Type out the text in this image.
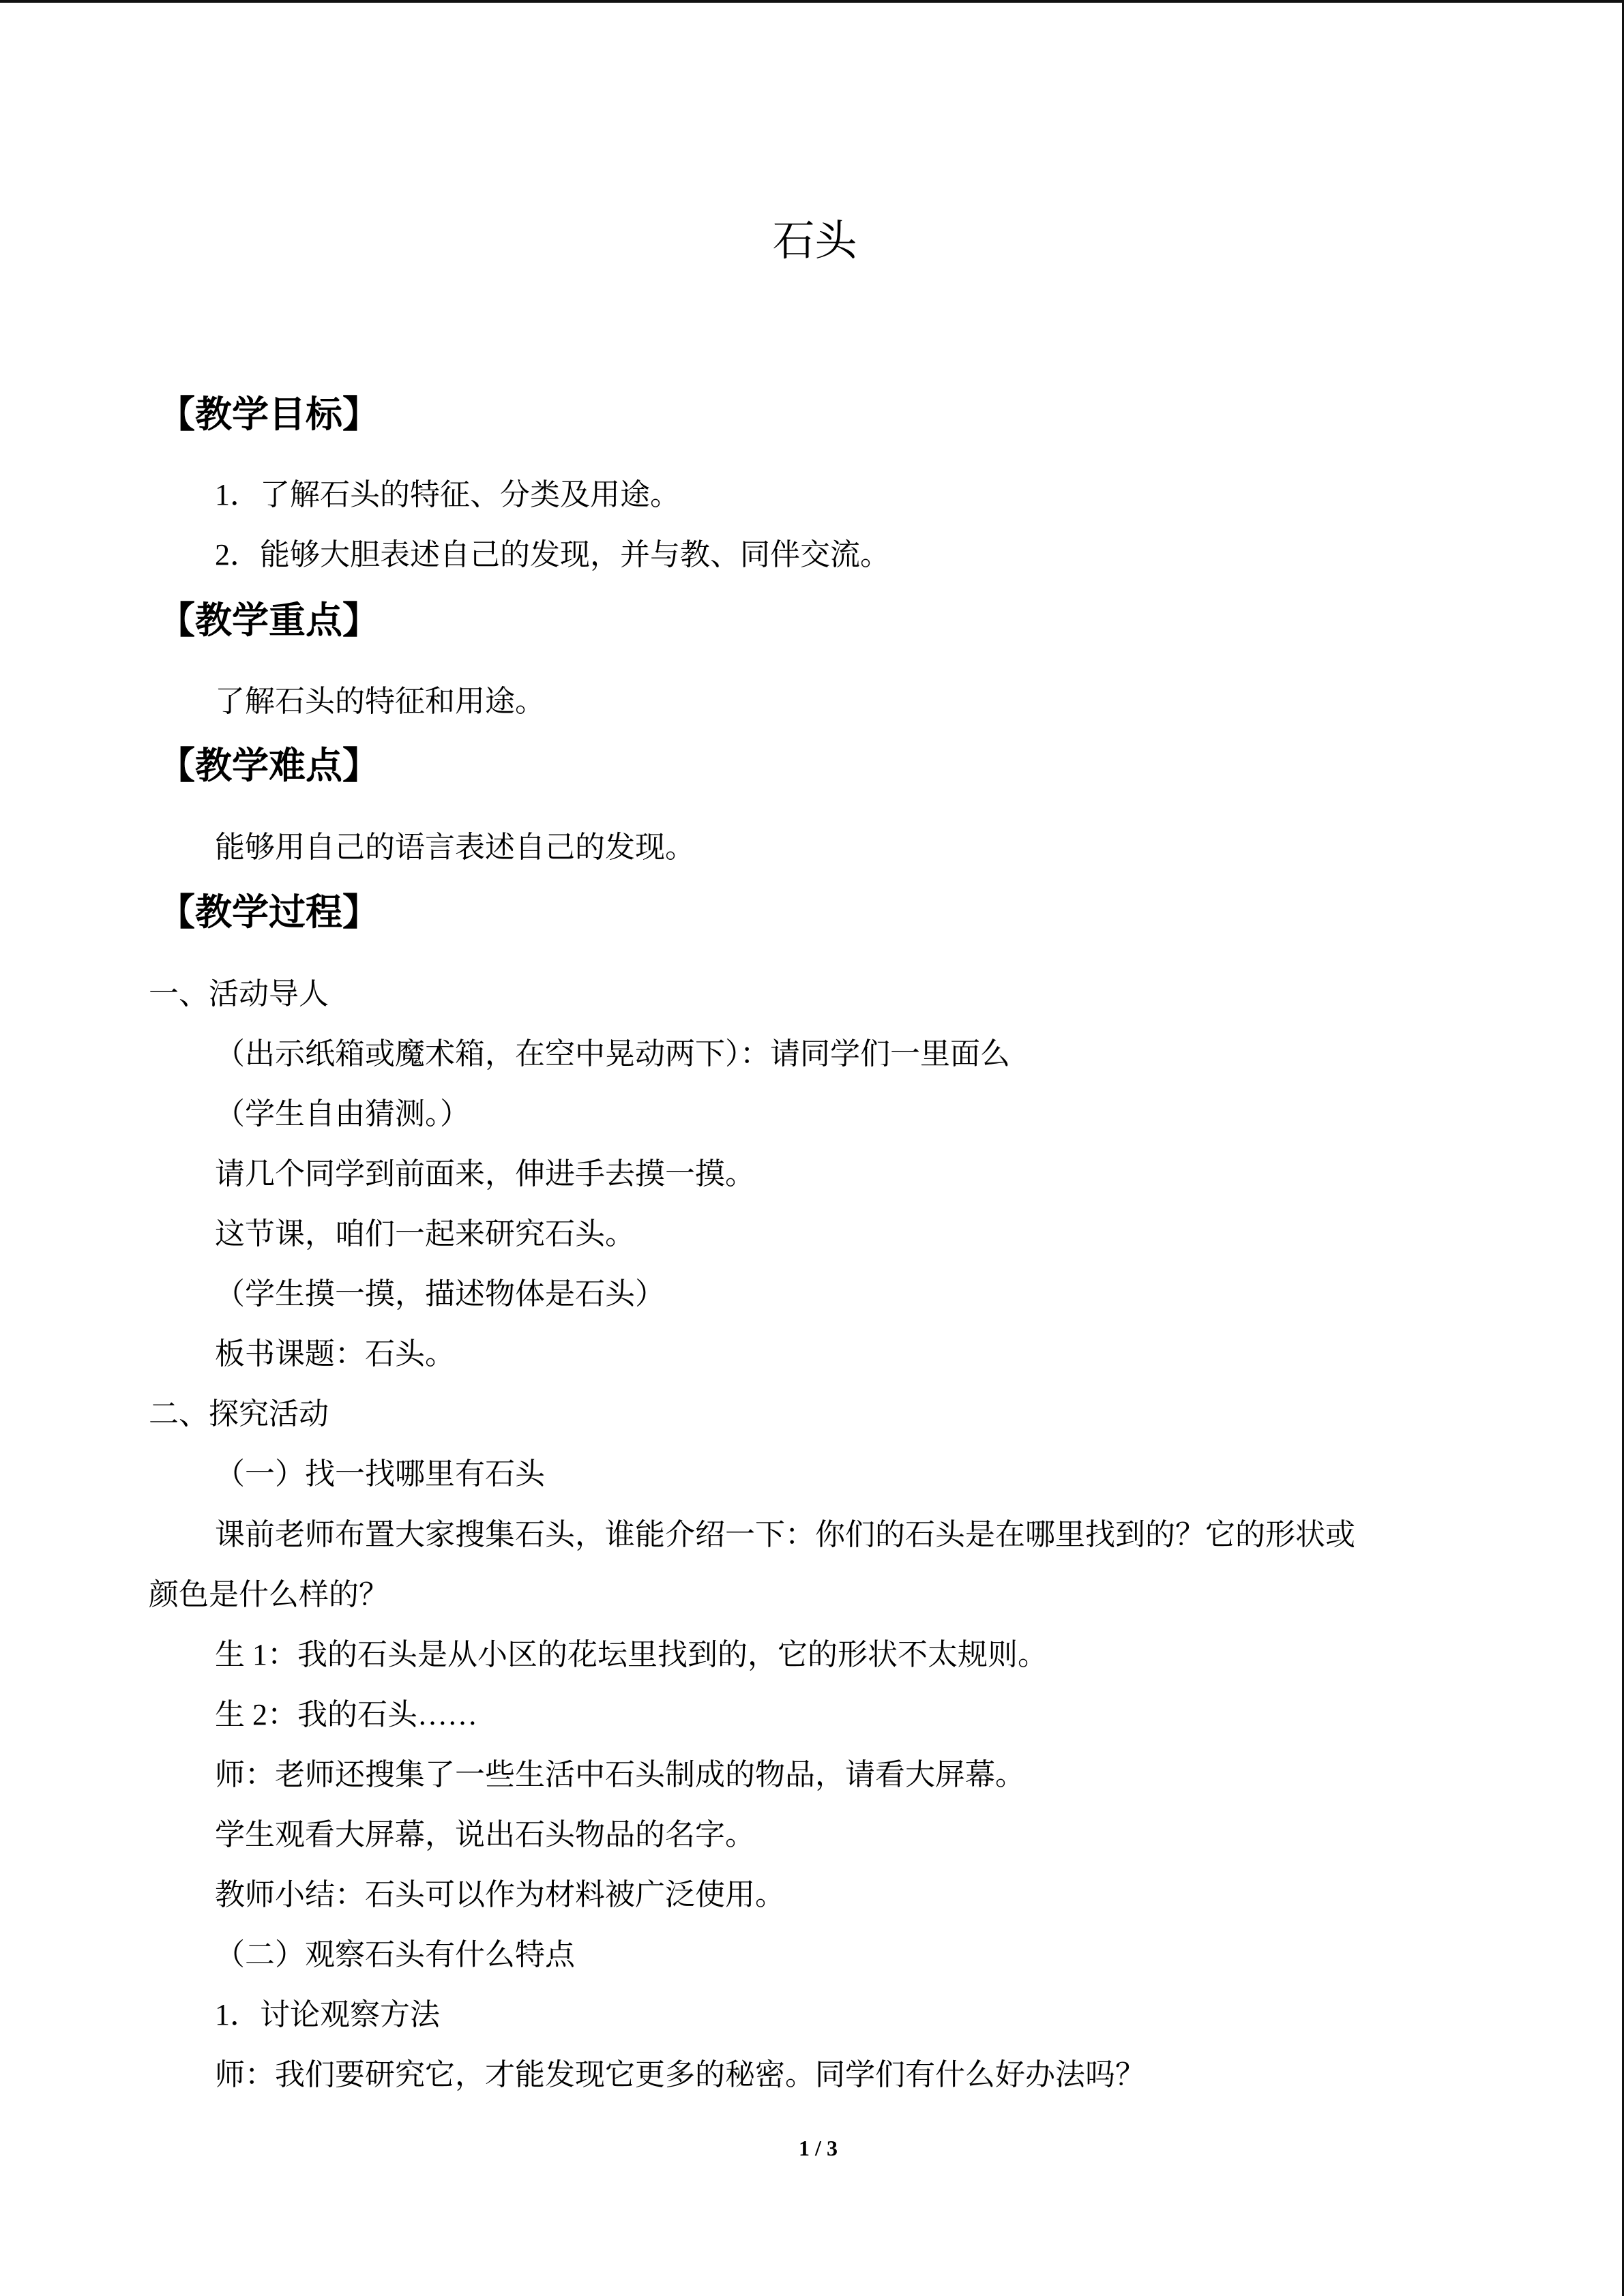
石头
【教学目标】
1．了解石头的特征、分类及用途。
2．能够大胆表述自己的发现，并与教、同伴交流。
【教学重点】
了解石头的特征和用途。
【教学难点】
能够用自己的语言表述自己的发现。
【教学过程】
一、活动导人
（出示纸箱或魔术箱，在空中晃动两下）：请同学们一里面么
（学生自由猜测。）
请几个同学到前面来，伸进手去摸一摸。
这节课，咱们一起来研究石头。
（学生摸一摸，描述物体是石头）
板书课题：石头。
二、探究活动
（一）找一找哪里有石头
课前老师布置大家搜集石头，谁能介绍一下：你们的石头是在哪里找到的？它的形状或
颜色是什么样的？
生 1：我的石头是从小区的花坛里找到的，它的形状不太规则。
生 2：我的石头……
师：老师还搜集了一些生活中石头制成的物品，请看大屏幕。
学生观看大屏幕，说出石头物品的名字。
教师小结：石头可以作为材料被广泛使用。
（二）观察石头有什么特点
1．讨论观察方法
师：我们要研究它，才能发现它更多的秘密。同学们有什么好办法吗？
1 / 3
